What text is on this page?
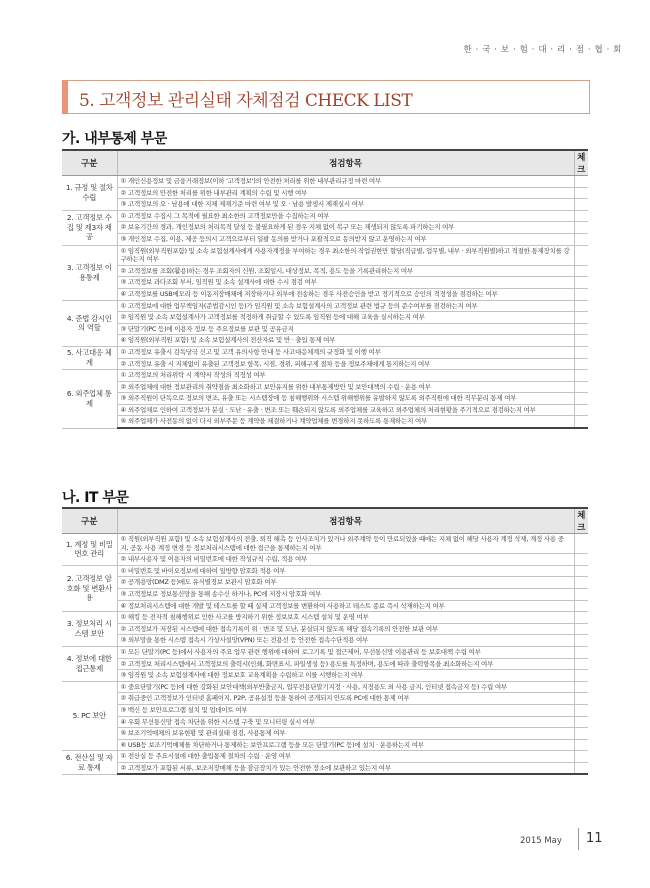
한 · 국 · 보 · 험 · 대 · 리 · 점 · 협 · 회
5. 고객정보 관리실태 자체점검 CHECK LIST
가. 내부통제 부문
구분	점검항목	체크
1. 규정 및 절차 수립	① 개인신용정보 및 금융거래정보(이하 '고객정보')의 안전한 처리를 위한 내부관리규정 마련 여부	
	② 고객정보의 안전한 처리를 위한 내부관리 계획의 수립 및 시행 여부	
	③ 고객정보의 오 · 남용에 대한 지체 제재기준 마련 여부 및 오 · 남용 발생시 제재실시 여부	
2. 고객정보 수집 및 제3자 제공	① 고객정보 수집시 그 목적에 필요한 최소한의 고객정보만을 수집하는지 여부	
	② 보유기간의 경과, 개인정보의 처리목적 달성 등 불필요하게 된 경우 지체 없이 복구 또는 재생되지 않도록 파기하는지 여부	
	③ 개인정보 수집, 이용, 제공 등의시 고객으로부터 일괄 동의를 받거나 포괄적으로 동의받지 않고 운영하는지 여부	
3. 고객정보 이용통제	① 임직원(외부직원포함) 및 소속 보험설계사에게 사용자계정을 부여하는 경우 최소한의 작업권한만 할당(직급별, 업무별, 내부 · 외부직원별)하고 적절한 통제장치를 강구하는지 여부	
	② 고객정보를 조회(활용)하는 경우 조회자의 신원, 조회일시, 대상정보, 목적, 용도 등을 기록관리하는지 여부	
	③ 고객정보 과다조회 부서, 임직원 및 소속 설계사에 대한 수시 점검 여부	
	④ 고객정보를 USB메모리 등 이동저장매체에 저장하거나 외부에 전송하는 경우 사전승인을 받고 정기적으로 승인의 적정성을 점검하는 여부	
4. 준법 감시인의 역할	① 고객정보에 대한 업무책임자(준법감시인 등)가 임직원 및 소속 보험설계사의 고객정보 관련 법규 등의 준수여부를 점검하는지 여부	
	② 임직원 및 소속 보험설계사가 고객정보를 적정하게 취급할 수 있도록 임직원 등에 대해 교육을 실시하는지 여부	
	③ 단말기(PC 등)에 이용자 정보 등 주요정보를 보관 및 공유금지	
	④ 임직원(외부직원 포함) 및 소속 보험설계사의 전산자료 및 반 · 출입 통제 여부	
5. 사고대응 체계	① 고객정보 유출시 감독당국 신고 및 고객 유의사항 안내 등 사고대응체계의 규정화 및 이행 여부	
	② 고객정보 유출 시 지체없이 유출된 고객정보 항목, 시점, 경위, 피해구제 절차 등을 정보주체에게 통지하는지 여부	
6. 외주업체 통제	① 고객정보의 처리위탁 시 계약서 작성의 적정성 여부	
	② 외주업체에 대한 정보관리의 취약점을 최소화하고 보안유지를 위한 내부통제방안 및 보안대책의 수립 · 운용 여부	
	③ 외주직원이 단독으로 정보의 변조, 유출 또는 시스템장애 등 침해행위와 시스템 위해행위를 유발하지 않도록 외주직원에 대한 직무분리 통제 여부	
	④ 외주업체로 인하여 고객정보가 분실 · 도난 · 유출 · 변조 또는 훼손되지 않도록 외주업체를 교육하고 외주업체의 처리현황을 주기적으로 점검하는지 여부	
	⑤ 외주업체가 사전동의 없이 다시 외부주문 등 계약을 체결하거나 계약업체를 변경하지 못하도록 통제하는지 여부	
나. IT 부문
구분	점검항목	체크
1. 계정 및 비밀번호 관리	① 직원(외부직원 포함) 및 소속 보험설계사의 전출, 퇴직 해촉 등 인사조치가 있거나 외주계약 등이 만료되었을 때에는 지체 없이 해당 사용자 계정 삭제, 계정 사용 중지, 공동 사용 계정 변경 등 정보처리시스템에 대한 접근을 통제하는지 여부	
	② 내부사용자 및 이용자의 비밀번호에 대한 작성규칙 수립, 적용 여부	
2. 고객정보 암호화 및 변환사용	① 비밀번호 및 바이오정보에 대하여 일방향 암호화 적용 여부	
	② 공개용망(DMZ 등)에도 유식별정보 보관시 암호화 여부	
	③ 고객정보로 정보통신망을 통해 송수신 하거나, PC에 저장시 암호화 여부	
	④ 정보처리시스템에 대한 개발 및 테스트를 할 때 실제 고객정보를 변환하여 사용하고 테스트 종료 즉시 삭제하는지 여부	
3. 정보처리 시스템 보안	① 해킹 등 전자적 침해행위로 인한 사고를 방지하기 위한 정보보호 시스템 설치 및 운영 여부	
	② 고객정보가 저장된 시스템에 대한 접속기록이 위 · 변조 및 도난, 분실되지 않도록 해당 접속기록의 안전한 보관 여부	
	③ 외부망을 통한 시스템 접속시 가상사설망(VPN) 또는 전용선 등 안전한 접속수단적용 여부	
4. 정보에 대한 접근통제	① 모든 단말기(PC 등)에서 사용자의 주요 업무 관련 행위에 대하여 로그기록 및 접근제어, 무선통신망 이용관리 등 보호대책 수립 여부	
	② 고객정보 처리시스템에서 고객정보의 출력시(인쇄, 화면표시, 파일생성 등) 용도를 특정하며, 용도에 따라 출력항목을 최소화하는지 여부	
	③ 임직원 및 소속 보험설계사에 대한 정보보호 교육계획을 수립하고 이를 시행하는지 여부	
5. PC 보안	① 중요단말기(PC 등)에 대한 강화된 보안대책(외부반출금지, 업무전용단말기지정 · 사용, 지정용도 외 사용 금지, 인터넷 접속금지 등) 수립 여부	
	② 취급중인 고객정보가 인터넷 홈페이지, P2P, 공유설정 등을 통하여 공개되지 안도록 PC에 대한 통제 여부	
	③ 백신 등 보안프로그램 설치 및 업데이트 여부	
	④ 우회 무선통신망 접속 차단을 위한 시스템 구축 및 모니터링 실시 여부	
	⑤ 보조기억매체의 보유현황 및 관리실태 점검, 사용통제 여부	
	⑥ USB등 보조기억매체를 차단하거나 통제하는 보안프로그램 등을 모든 단말기(PC 등)에 설치 · 운용하는지 여부	
6. 전산실 및 자료 통제	① 전산실 등 주요시설에 대한 출입통제 절차의 수립 · 운영 여부	
	② 고객정보가 포함된 서류, 보조저장매체 등을 잠금장치가 있는 안전한 장소에 보관하고 있는지 여부	
2015 May 11
